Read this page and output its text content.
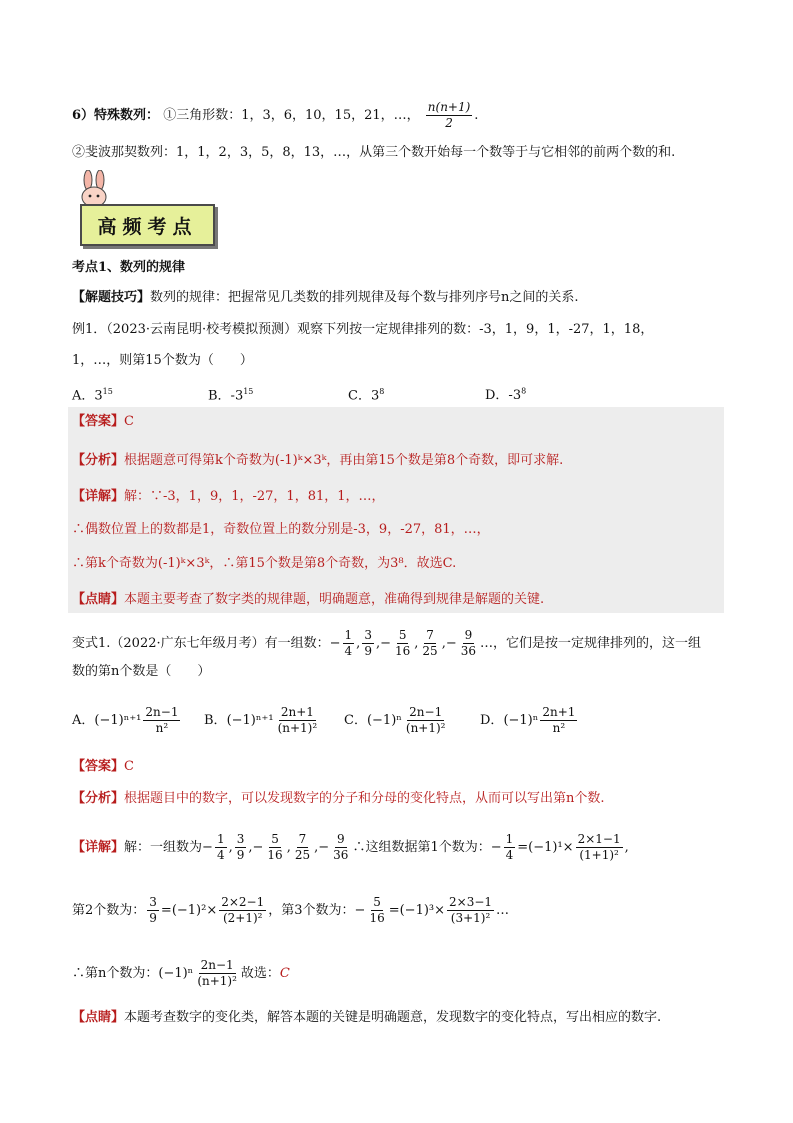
6）特殊数列： ①三角形数：1，3，6，10，15，21，…， $\frac{n(n+1)}{2}$ .
②斐波那契数列：1，1，2，3，5，8，13，…，从第三个数开始每一个数等于与它相邻的前两个数的和.
高频考点
考点1、数列的规律
【解题技巧】数列的规律：把握常见几类数的排列规律及每个数与排列序号n之间的关系.
例1．（2023·云南昆明·校考模拟预测）观察下列按一定规律排列的数：-3，1，9，1，-27，1，18，
1，…，则第15个数为（　　）
A．$3^{15}$	B．$-3^{15}$	C．$3^8$	D．$-3^8$
【答案】C
【分析】根据题意可得第k个奇数为(-1)ᵏ×3ᵏ，再由第15个数是第8个奇数，即可求解.
【详解】解：∵-3，1，9，1，-27，1，81，1，…，
∴偶数位置上的数都是1，奇数位置上的数分别是-3，9，-27，81，…，
∴第k个奇数为(-1)ᵏ×3ᵏ，∴第15个数是第8个奇数，为3⁸．故选C.
【点睛】本题主要考查了数字类的规律题，明确题意，准确得到规律是解题的关键.
变式1.（2022·广东七年级月考）有一组数：− $\frac{1}{4}$ , $\frac{3}{9}$ ,− $\frac{5}{16}$ , $\frac{7}{25}$ ,− $\frac{9}{36}$ …，它们是按一定规律排列的，这一组
数的第n个数是（　　）
A．$(-1)^{n+1} \frac{2n-1}{\text{n²}}$ B．$(-1)^{n+1} \frac{2n+1}{\text{(n+1)²}}$ C．$(-1)^n \frac{2n-1}{\text{(n+1)²}}$	D．$(-1)^n \frac{2n+1}{\text{n²}}$
【答案】C
【分析】根据题目中的数字，可以发现数字的分子和分母的变化特点，从而可以写出第n个数.
【详解】解：一组数为− $\frac{1}{4}$ , $\frac{3}{9}$ ,− $\frac{5}{16}$ , $\frac{7}{25}$ ,− $\frac{9}{36}$ ∴这组数据第1个数为：− $\frac{1}{4} =(-1)^1\times \frac{2\times 1-1}{\text{(1+1)²}}$ ,
第2个数为： $\frac{3}{9} =(-1)^2\times \frac{2\times 2-1}{\text{(2+1)²}}$ ，第3个数为：− $\frac{5}{16} =(-1)^3\times \frac{2\times 3-1}{\text{(3+1)²}}$ …
∴第n个数为：$(-1)^n \frac{2n-1}{\text{(n+1)²}}$ 故选：C
【点睛】本题考查数字的变化类，解答本题的关键是明确题意，发现数字的变化特点，写出相应的数字.
